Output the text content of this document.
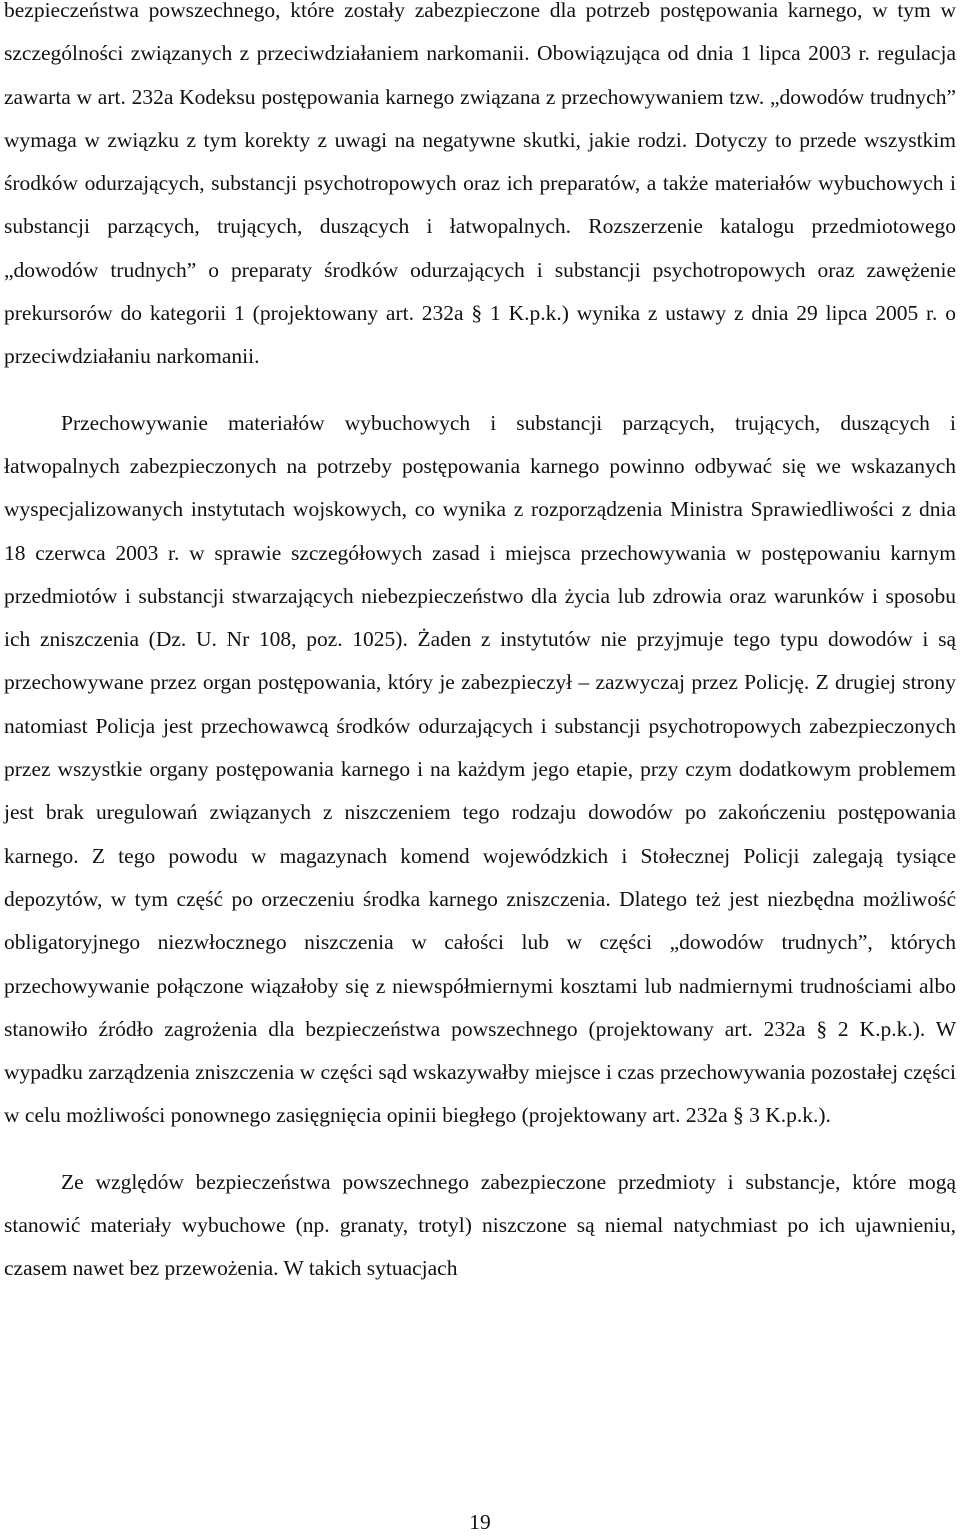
bezpieczeństwa powszechnego, które zostały zabezpieczone dla potrzeb postępowania karnego, w tym w szczególności związanych z przeciwdziałaniem narkomanii. Obowiązująca od dnia 1 lipca 2003 r. regulacja zawarta w art. 232a Kodeksu postępowania karnego związana z przechowywaniem tzw. „dowodów trudnych” wymaga w związku z tym korekty z uwagi na negatywne skutki, jakie rodzi. Dotyczy to przede wszystkim środków odurzających, substancji psychotropowych oraz ich preparatów, a także materiałów wybuchowych i substancji parzących, trujących, duszących i łatwopalnych. Rozszerzenie katalogu przedmiotowego „dowodów trudnych” o preparaty środków odurzających i substancji psychotropowych oraz zawężenie prekursorów do kategorii 1 (projektowany art. 232a § 1 K.p.k.) wynika z ustawy z dnia 29 lipca 2005 r. o przeciwdziałaniu narkomanii.

Przechowywanie materiałów wybuchowych i substancji parzących, trujących, duszących i łatwopalnych zabezpieczonych na potrzeby postępowania karnego powinno odbywać się we wskazanych wyspecjalizowanych instytutach wojskowych, co wynika z rozporządzenia Ministra Sprawiedliwości z dnia 18 czerwca 2003 r. w sprawie szczegółowych zasad i miejsca przechowywania w postępowaniu karnym przedmiotów i substancji stwarzających niebezpieczeństwo dla życia lub zdrowia oraz warunków i sposobu ich zniszczenia (Dz. U. Nr 108, poz. 1025). Żaden z instytutów nie przyjmuje tego typu dowodów i są przechowywane przez organ postępowania, który je zabezpieczył – zazwyczaj przez Policję. Z drugiej strony natomiast Policja jest przechowawcą środków odurzających i substancji psychotropowych zabezpieczonych przez wszystkie organy postępowania karnego i na każdym jego etapie, przy czym dodatkowym problemem jest brak uregulowań związanych z niszczeniem tego rodzaju dowodów po zakończeniu postępowania karnego. Z tego powodu w magazynach komend wojewódzkich i Stołecznej Policji zalegają tysiące depozytów, w tym część po orzeczeniu środka karnego zniszczenia. Dlatego też jest niezbędna możliwość obligatoryjnego niezwłocznego niszczenia w całości lub w części „dowodów trudnych”, których przechowywanie połączone wiązałoby się z niewspółmiernymi kosztami lub nadmiernymi trudnościami albo stanowiło źródło zagrożenia dla bezpieczeństwa powszechnego (projektowany art. 232a § 2 K.p.k.). W wypadku zarządzenia zniszczenia w części sąd wskazywałby miejsce i czas przechowywania pozostałej części w celu możliwości ponownego zasięgnięcia opinii biegłego (projektowany art. 232a § 3 K.p.k.).

Ze względów bezpieczeństwa powszechnego zabezpieczone przedmioty i substancje, które mogą stanowić materiały wybuchowe (np. granaty, trotyl) niszczone są niemal natychmiast po ich ujawnieniu, czasem nawet bez przewożenia. W takich sytuacjach

19
